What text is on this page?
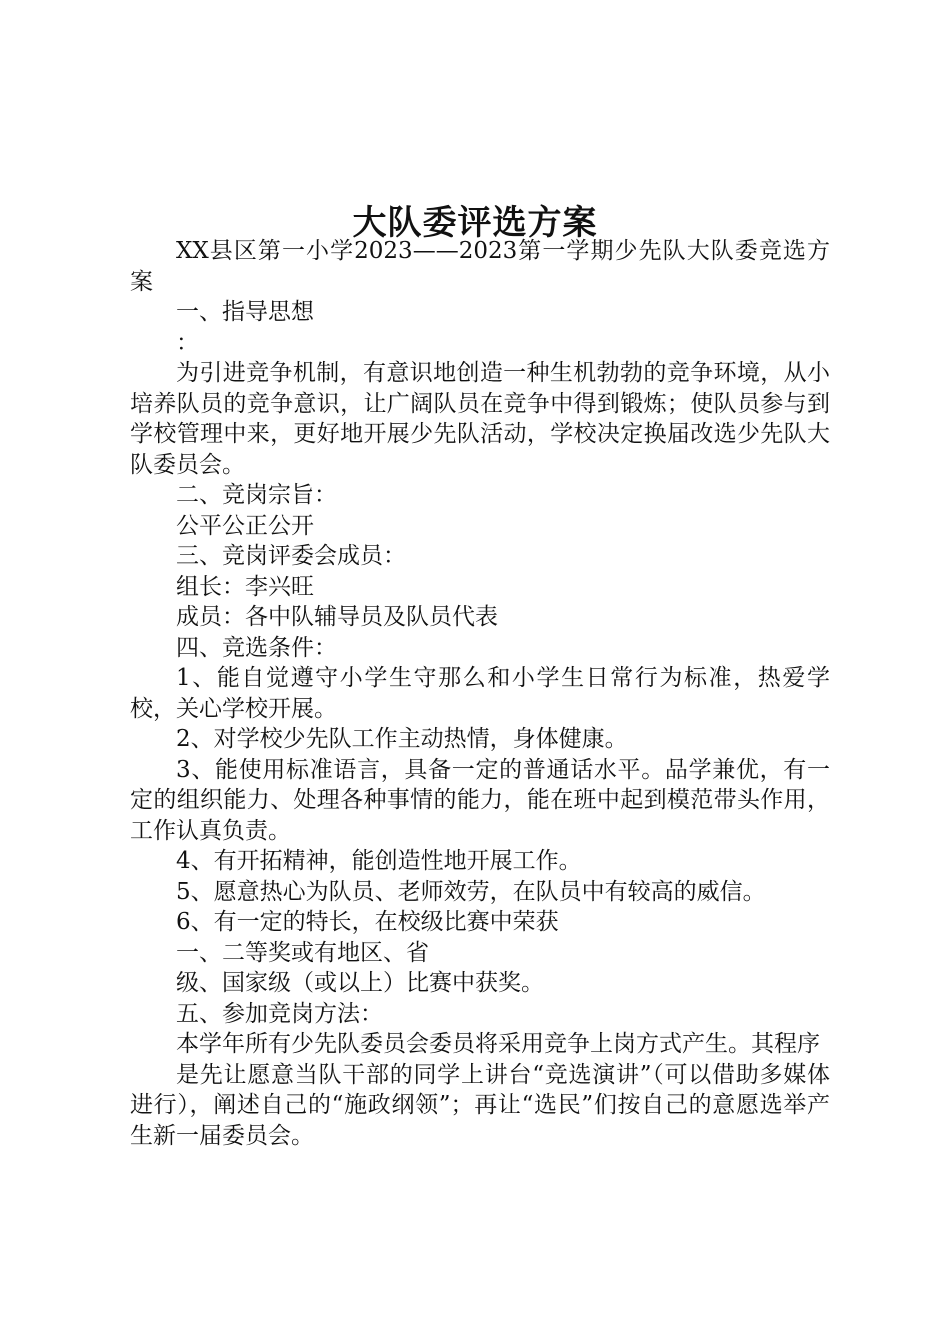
大队委评选方案

XX县区第一小学2023——2023第一学期少先队大队委竞选方案

一、指导思想

：

为引进竞争机制，有意识地创造一种生机勃勃的竞争环境，从小培养队员的竞争意识，让广阔队员在竞争中得到锻炼；使队员参与到学校管理中来，更好地开展少先队活动，学校决定换届改选少先队大队委员会。

二、竞岗宗旨：

公平公正公开

三、竞岗评委会成员：

组长：李兴旺

成员：各中队辅导员及队员代表

四、竞选条件：

1、能自觉遵守小学生守那么和小学生日常行为标准，热爱学校，关心学校开展。

2、对学校少先队工作主动热情，身体健康。

3、能使用标准语言，具备一定的普通话水平。品学兼优，有一定的组织能力、处理各种事情的能力，能在班中起到模范带头作用，工作认真负责。

4、有开拓精神，能创造性地开展工作。

5、愿意热心为队员、老师效劳，在队员中有较高的威信。

6、有一定的特长，在校级比赛中荣获

一、二等奖或有地区、省

级、国家级（或以上）比赛中获奖。

五、参加竞岗方法：

本学年所有少先队委员会委员将采用竞争上岗方式产生。其程序

是先让愿意当队干部的同学上讲台“竞选演讲”（可以借助多媒体进行），阐述自己的“施政纲领”；再让“选民”们按自己的意愿选举产生新一届委员会。
